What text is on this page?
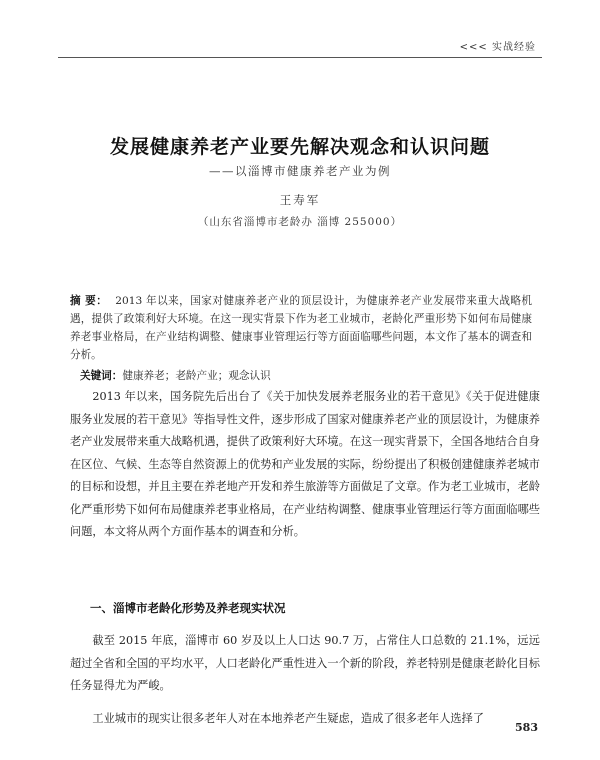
<<< 实战经验
发展健康养老产业要先解决观念和认识问题

——以淄博市健康养老产业为例

王寿军

（山东省淄博市老龄办 淄博 255000）

摘 要： 2013 年以来，国家对健康养老产业的顶层设计，为健康养老产业发展带来重大战略机遇，提供了政策利好大环境。在这一现实背景下作为老工业城市，老龄化严重形势下如何布局健康养老事业格局，在产业结构调整、健康事业管理运行等方面面临哪些问题，本文作了基本的调查和分析。
关键词：健康养老；老龄产业；观念认识

2013 年以来，国务院先后出台了《关于加快发展养老服务业的若干意见》《关于促进健康服务业发展的若干意见》等指导性文件，逐步形成了国家对健康养老产业的顶层设计，为健康养老产业发展带来重大战略机遇，提供了政策利好大环境。在这一现实背景下，全国各地结合自身在区位、气候、生态等自然资源上的优势和产业发展的实际，纷纷提出了积极创建健康养老城市的目标和设想，并且主要在养老地产开发和养生旅游等方面做足了文章。作为老工业城市，老龄化严重形势下如何布局健康养老事业格局，在产业结构调整、健康事业管理运行等方面面临哪些问题，本文将从两个方面作基本的调查和分析。

一、淄博市老龄化形势及养老现实状况

截至 2015 年底，淄博市 60 岁及以上人口达 90.7 万，占常住人口总数的 21.1%，远远超过全省和全国的平均水平，人口老龄化严重性进入一个新的阶段，养老特别是健康老龄化目标任务显得尤为严峻。

工业城市的现实让很多老年人对在本地养老产生疑虑，造成了很多老年人选择了

583
